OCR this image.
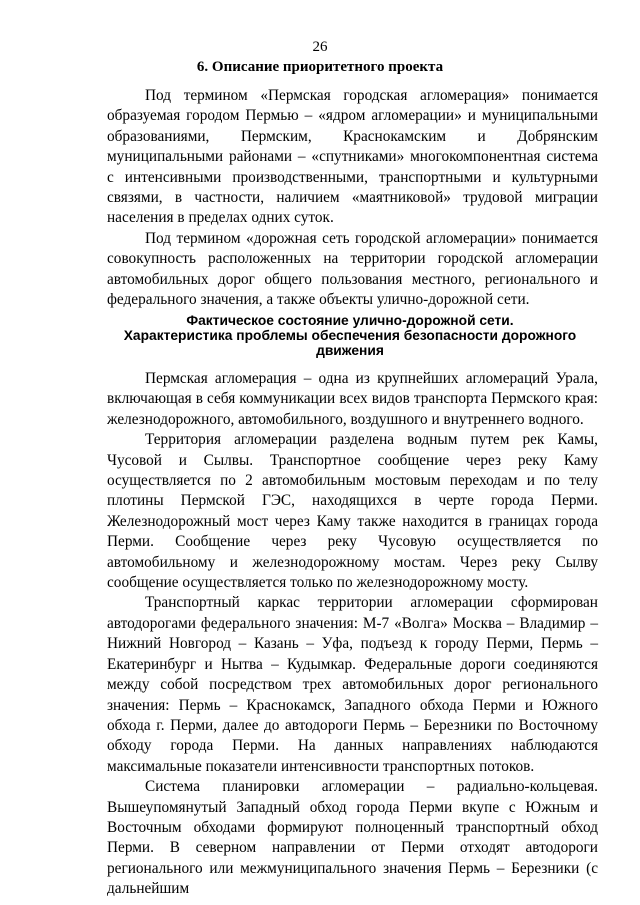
26
6. Описание приоритетного проекта

Под термином «Пермская городская агломерация» понимается образуемая городом Пермью – «ядром агломерации» и муниципальными образованиями, Пермским, Краснокамским и Добрянским муниципальными районами – «спутниками» многокомпонентная система с интенсивными производственными, транспортными и культурными связями, в частности, наличием «маятниковой» трудовой миграции населения в пределах одних суток.

Под термином «дорожная сеть городской агломерации» понимается совокупность расположенных на территории городской агломерации автомобильных дорог общего пользования местного, регионального и федерального значения, а также объекты улично-дорожной сети.

Фактическое состояние улично-дорожной сети.
Характеристика проблемы обеспечения безопасности дорожного
движения

Пермская агломерация – одна из крупнейших агломераций Урала, включающая в себя коммуникации всех видов транспорта Пермского края: железнодорожного, автомобильного, воздушного и внутреннего водного.

Территория агломерации разделена водным путем рек Камы, Чусовой и Сылвы. Транспортное сообщение через реку Каму осуществляется по 2 автомобильным мостовым переходам и по телу плотины Пермской ГЭС, находящихся в черте города Перми. Железнодорожный мост через Каму также находится в границах города Перми. Сообщение через реку Чусовую осуществляется по автомобильному и железнодорожному мостам. Через реку Сылву сообщение осуществляется только по железнодорожному мосту.

Транспортный каркас территории агломерации сформирован автодорогами федерального значения: М-7 «Волга» Москва – Владимир – Нижний Новгород – Казань – Уфа, подъезд к городу Перми, Пермь – Екатеринбург и Нытва – Кудымкар. Федеральные дороги соединяются между собой посредством трех автомобильных дорог регионального значения: Пермь – Краснокамск, Западного обхода Перми и Южного обхода г. Перми, далее до автодороги Пермь – Березники по Восточному обходу города Перми. На данных направлениях наблюдаются максимальные показатели интенсивности транспортных потоков.

Система планировки агломерации – радиально-кольцевая. Вышеупомянутый Западный обход города Перми вкупе с Южным и Восточным обходами формируют полноценный транспортный обход Перми. В северном направлении от Перми отходят автодороги регионального или межмуниципального значения Пермь – Березники (с дальнейшим
